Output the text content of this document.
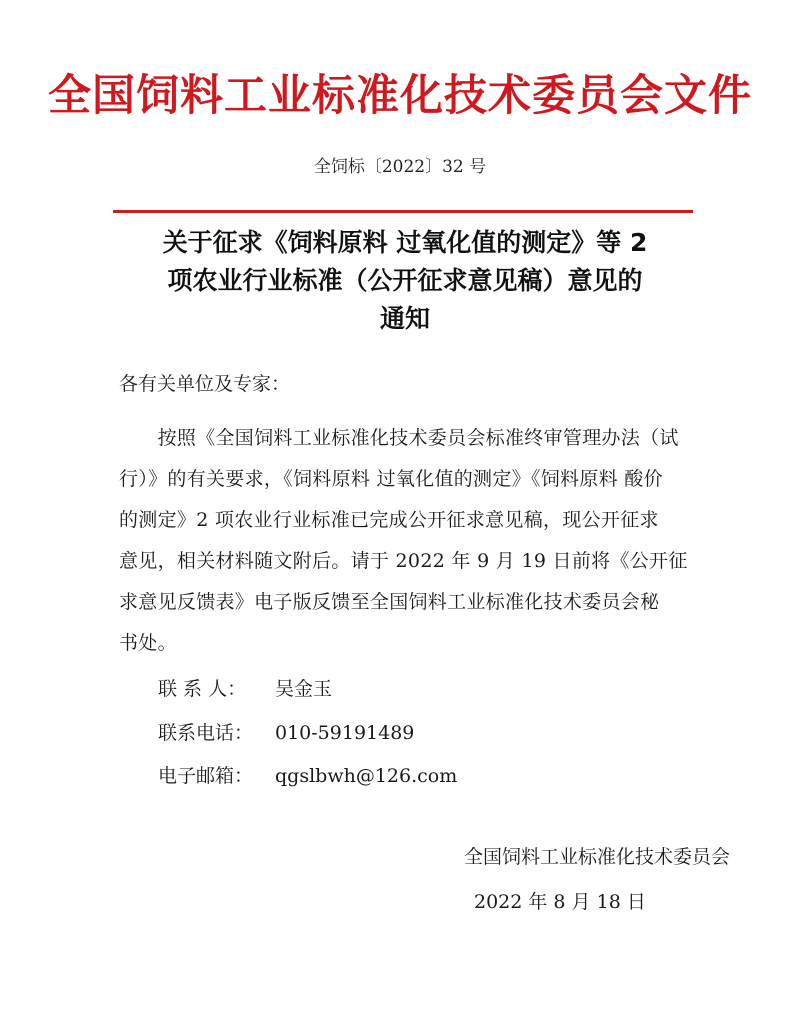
全国饲料工业标准化技术委员会文件
全饲标〔2022〕32 号
关于征求《饲料原料 过氧化值的测定》等 2
项农业行业标准（公开征求意见稿）意见的
通知
各有关单位及专家：
　　按照《全国饲料工业标准化技术委员会标准终审管理办法（试
行）》的有关要求，《饲料原料 过氧化值的测定》《饲料原料 酸价
的测定》2 项农业行业标准已完成公开征求意见稿，现公开征求
意见，相关材料随文附后。请于 2022 年 9 月 19 日前将《公开征
求意见反馈表》电子版反馈至全国饲料工业标准化技术委员会秘
书处。
联 系 人： 吴金玉
联系电话： 010-59191489
电子邮箱： qgslbwh@126.com
全国饲料工业标准化技术委员会
2022 年 8 月 18 日
